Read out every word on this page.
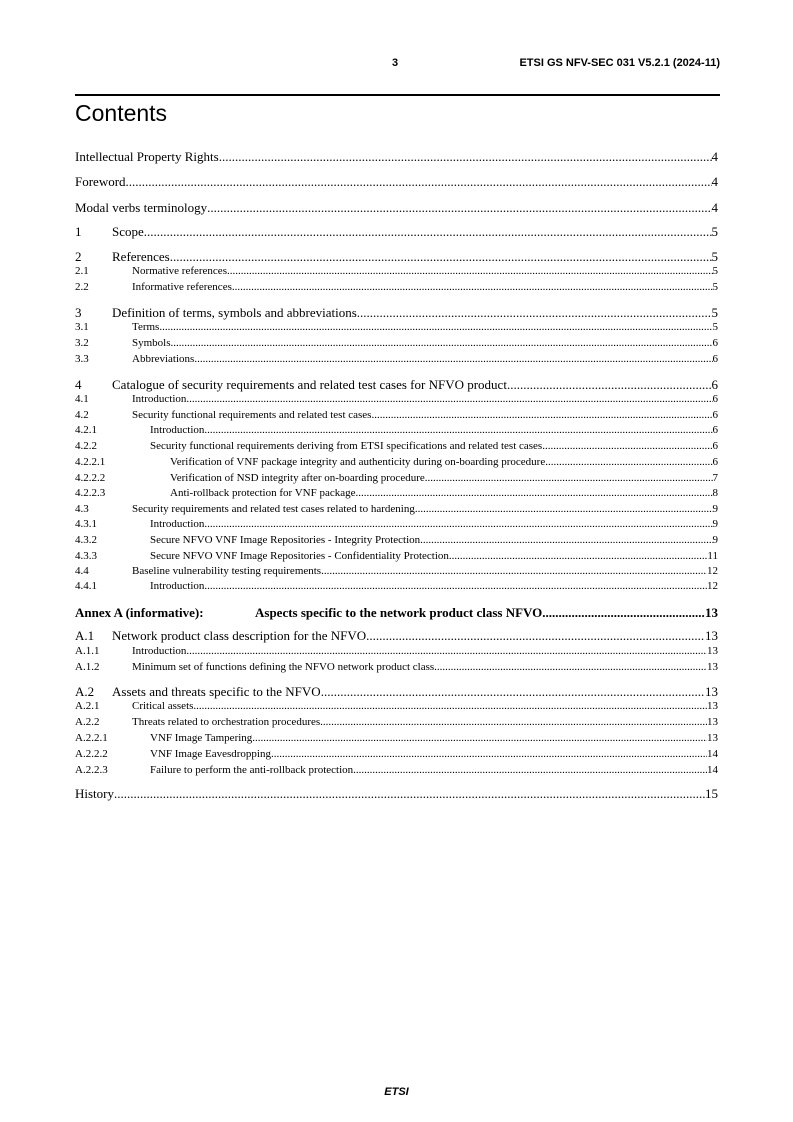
3	ETSI GS NFV-SEC 031 V5.2.1 (2024-11)
Contents
Intellectual Property Rights .....	4
Foreword .....	4
Modal verbs terminology .....	4
1	Scope .....	5
2	References .....	5
2.1	Normative references .....	5
2.2	Informative references .....	5
3	Definition of terms, symbols and abbreviations .....	5
3.1	Terms .....	5
3.2	Symbols .....	6
3.3	Abbreviations .....	6
4	Catalogue of security requirements and related test cases for NFVO product .....	6
4.1	Introduction .....	6
4.2	Security functional requirements and related test cases .....	6
4.2.1	Introduction .....	6
4.2.2	Security functional requirements deriving from ETSI specifications and related test cases .....	6
4.2.2.1	Verification of VNF package integrity and authenticity during on-boarding procedure .....	6
4.2.2.2	Verification of NSD integrity after on-boarding procedure .....	7
4.2.2.3	Anti-rollback protection for VNF package .....	8
4.3	Security requirements and related test cases related to hardening .....	9
4.3.1	Introduction .....	9
4.3.2	Secure NFVO VNF Image Repositories - Integrity Protection .....	9
4.3.3	Secure NFVO VNF Image Repositories - Confidentiality Protection .....	11
4.4	Baseline vulnerability testing requirements .....	12
4.4.1	Introduction .....	12
Annex A (informative):	Aspects specific to the network product class NFVO .....	13
A.1	Network product class description for the NFVO .....	13
A.1.1	Introduction .....	13
A.1.2	Minimum set of functions defining the NFVO network product class .....	13
A.2	Assets and threats specific to the NFVO .....	13
A.2.1	Critical assets .....	13
A.2.2	Threats related to orchestration procedures .....	13
A.2.2.1	VNF Image Tampering .....	13
A.2.2.2	VNF Image Eavesdropping .....	14
A.2.2.3	Failure to perform the anti-rollback protection .....	14
History .....	15
ETSI
